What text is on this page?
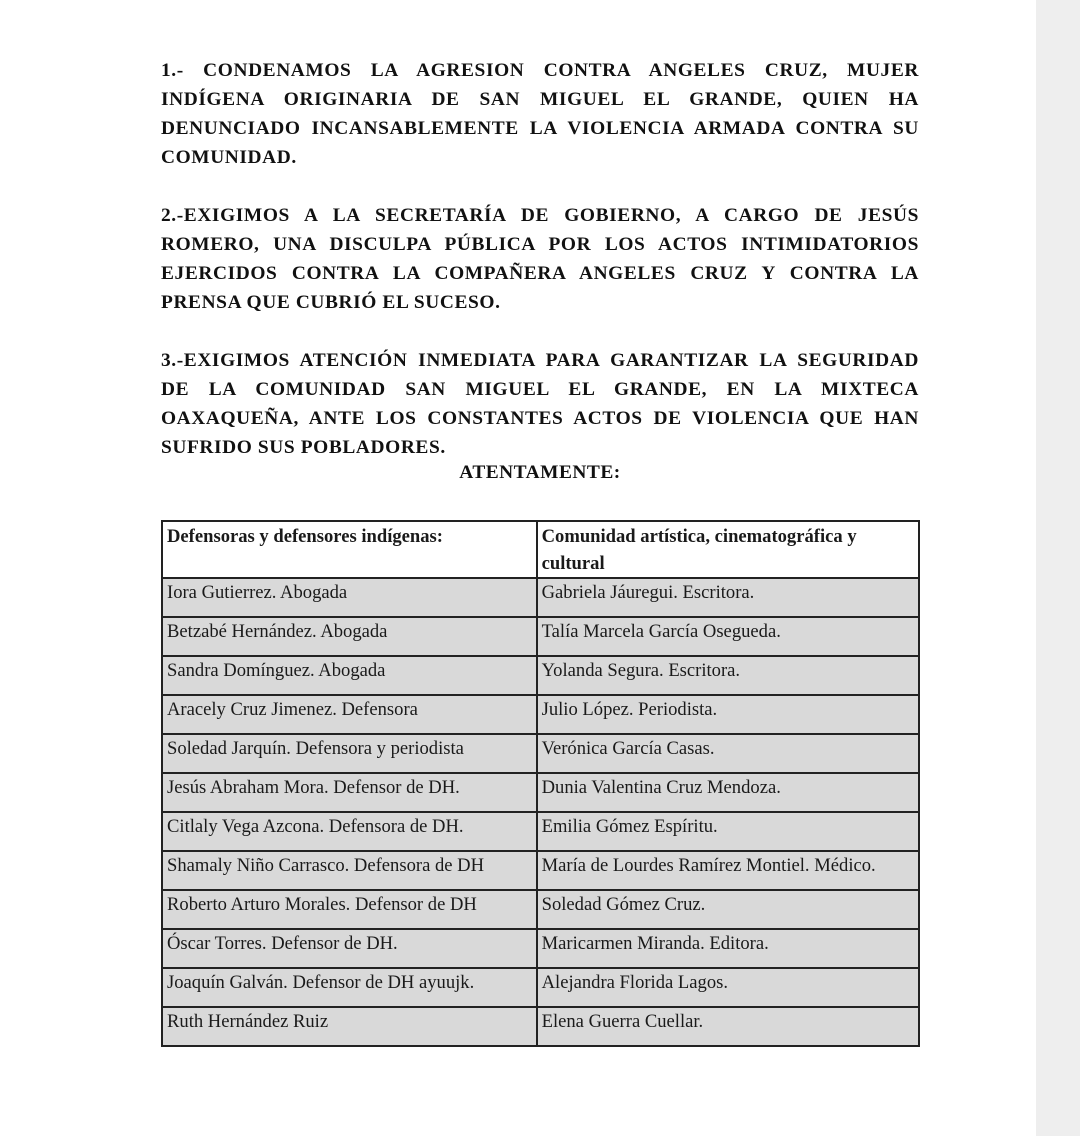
1.- CONDENAMOS LA AGRESION CONTRA ANGELES CRUZ, MUJER INDÍGENA ORIGINARIA DE SAN MIGUEL EL GRANDE, QUIEN HA DENUNCIADO INCANSABLEMENTE LA VIOLENCIA ARMADA CONTRA SU COMUNIDAD.

2.-EXIGIMOS A LA SECRETARÍA DE GOBIERNO, A CARGO DE JESÚS ROMERO, UNA DISCULPA PÚBLICA POR LOS ACTOS INTIMIDATORIOS EJERCIDOS CONTRA LA COMPAÑERA ANGELES CRUZ Y CONTRA LA PRENSA QUE CUBRIÓ EL SUCESO.

3.-EXIGIMOS ATENCIÓN INMEDIATA PARA GARANTIZAR LA SEGURIDAD DE LA COMUNIDAD SAN MIGUEL EL GRANDE, EN LA MIXTECA OAXAQUEÑA, ANTE LOS CONSTANTES ACTOS DE VIOLENCIA QUE HAN SUFRIDO SUS POBLADORES.

ATENTAMENTE:

Defensoras y defensores indígenas:	Comunidad artística, cinematográfica y cultural
Iora Gutierrez. Abogada	Gabriela Jáuregui. Escritora.
Betzabé Hernández. Abogada	Talía Marcela García Osegueda.
Sandra Domínguez. Abogada	Yolanda Segura. Escritora.
Aracely Cruz Jimenez. Defensora	Julio López. Periodista.
Soledad Jarquín. Defensora y periodista	Verónica García Casas.
Jesús Abraham Mora. Defensor de DH.	Dunia Valentina Cruz Mendoza.
Citlaly Vega Azcona. Defensora de DH.	Emilia Gómez Espíritu.
Shamaly Niño Carrasco. Defensora de DH	María de Lourdes Ramírez Montiel. Médico.
Roberto Arturo Morales. Defensor de DH	Soledad Gómez Cruz.
Óscar Torres. Defensor de DH.	Maricarmen Miranda. Editora.
Joaquín Galván. Defensor de DH ayuujk.	Alejandra Florida Lagos.
Ruth Hernández Ruiz	Elena Guerra Cuellar.
